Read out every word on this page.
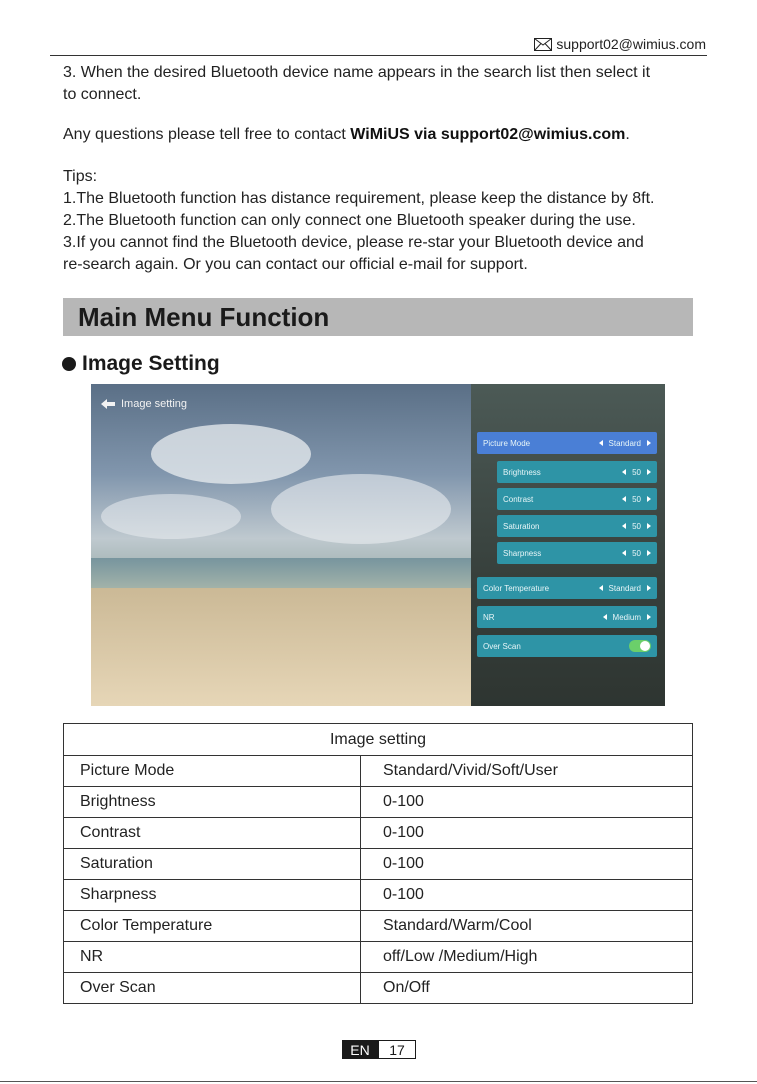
support02@wimius.com
3. When the desired Bluetooth device name appears in the search list then select it
to connect.
Any questions please tell free to contact WiMiUS via support02@wimius.com.
Tips:
1.The Bluetooth function has distance requirement, please keep the distance by 8ft.
2.The Bluetooth function can only connect one Bluetooth speaker during the use.
3.If you cannot find the Bluetooth device, please re-star your Bluetooth device and
re-search again. Or you can contact our official e-mail for support.
Main Menu Function
Image Setting
Image setting
Picture Mode	Standard
Brightness	50
Contrast	50
Saturation	50
Sharpness	50
Color Temperature	Standard
NR	Medium
Over Scan
Image setting	
Picture Mode	Standard/Vivid/Soft/User
Brightness	0-100
Contrast	0-100
Saturation	0-100
Sharpness	0-100
Color Temperature	Standard/Warm/Cool
NR	off/Low /Medium/High
Over Scan	On/Off
EN	17
